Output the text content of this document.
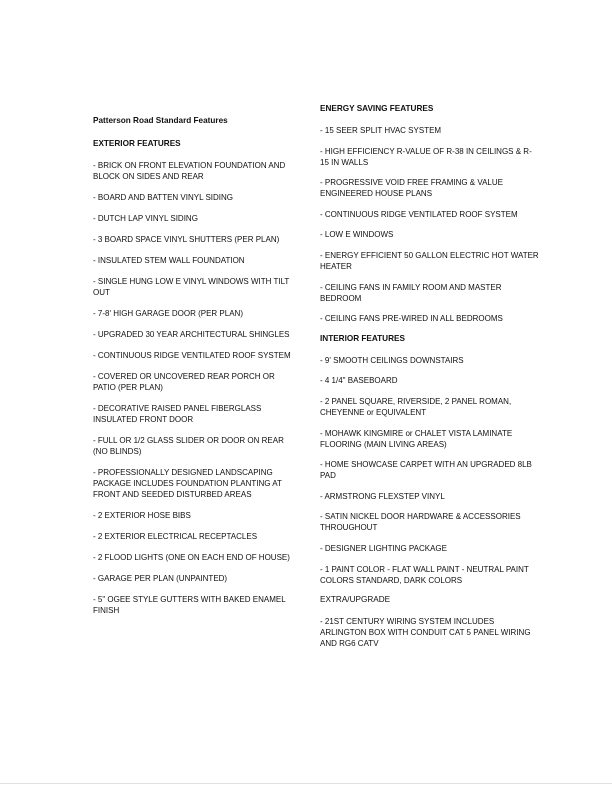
Patterson Road Standard Features
EXTERIOR FEATURES
- BRICK ON FRONT ELEVATION FOUNDATION AND BLOCK ON SIDES AND REAR
- BOARD AND BATTEN VINYL SIDING
- DUTCH LAP VINYL SIDING
- 3 BOARD SPACE VINYL SHUTTERS (PER PLAN)
- INSULATED STEM WALL FOUNDATION
- SINGLE HUNG LOW E VINYL WINDOWS WITH TILT OUT
- 7-8' HIGH GARAGE DOOR (PER PLAN)
- UPGRADED 30 YEAR ARCHITECTURAL SHINGLES
- CONTINUOUS RIDGE VENTILATED ROOF SYSTEM
- COVERED OR UNCOVERED REAR PORCH OR PATIO (PER PLAN)
- DECORATIVE RAISED PANEL FIBERGLASS INSULATED FRONT DOOR
- FULL OR 1/2 GLASS SLIDER OR DOOR ON REAR (NO BLINDS)
- PROFESSIONALLY DESIGNED LANDSCAPING PACKAGE INCLUDES FOUNDATION PLANTING AT FRONT AND SEEDED DISTURBED AREAS
- 2 EXTERIOR HOSE BIBS
- 2 EXTERIOR ELECTRICAL RECEPTACLES
- 2 FLOOD LIGHTS (ONE ON EACH END OF HOUSE)
- GARAGE PER PLAN (UNPAINTED)
- 5" OGEE STYLE GUTTERS WITH BAKED ENAMEL FINISH
ENERGY SAVING FEATURES
- 15 SEER SPLIT HVAC SYSTEM
- HIGH EFFICIENCY R-VALUE OF R-38 IN CEILINGS & R-15 IN WALLS
- PROGRESSIVE VOID FREE FRAMING & VALUE ENGINEERED HOUSE PLANS
- CONTINUOUS RIDGE VENTILATED ROOF SYSTEM
- LOW E WINDOWS
- ENERGY EFFICIENT 50 GALLON ELECTRIC HOT WATER HEATER
- CEILING FANS IN FAMILY ROOM AND MASTER BEDROOM
- CEILING FANS PRE-WIRED IN ALL BEDROOMS
INTERIOR FEATURES
- 9' SMOOTH CEILINGS DOWNSTAIRS
- 4 1/4" BASEBOARD
- 2 PANEL SQUARE, RIVERSIDE, 2 PANEL ROMAN, CHEYENNE or EQUIVALENT
- MOHAWK KINGMIRE or CHALET VISTA LAMINATE FLOORING (MAIN LIVING AREAS)
- HOME SHOWCASE CARPET WITH AN UPGRADED 8LB PAD
- ARMSTRONG FLEXSTEP VINYL
- SATIN NICKEL DOOR HARDWARE & ACCESSORIES THROUGHOUT
- DESIGNER LIGHTING PACKAGE
- 1 PAINT COLOR - FLAT WALL PAINT - NEUTRAL PAINT COLORS STANDARD, DARK COLORS
EXTRA/UPGRADE
- 21ST CENTURY WIRING SYSTEM INCLUDES ARLINGTON BOX WITH CONDUIT CAT 5 PANEL WIRING AND RG6 CATV
